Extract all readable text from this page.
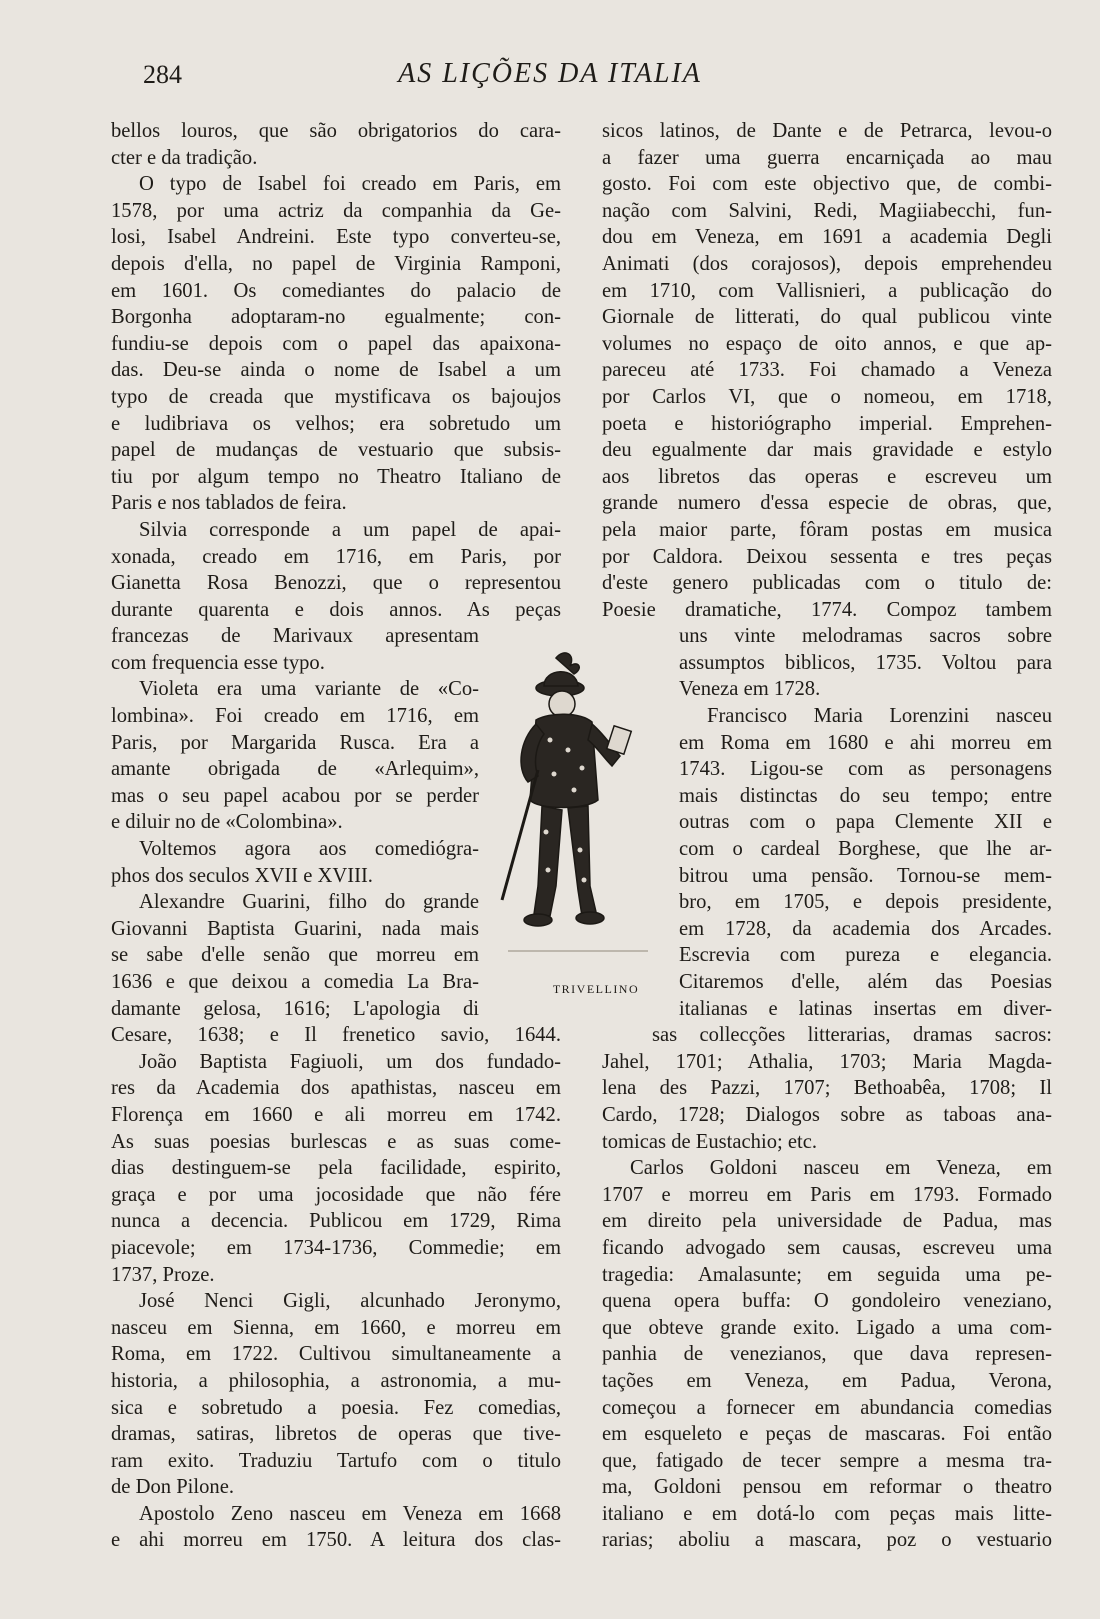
284	AS LIÇÕES DA ITALIA
bellos louros, que são obrigatorios do cara-
cter e da tradição.
O typo de Isabel foi creado em Paris, em
1578, por uma actriz da companhia da Ge-
losi, Isabel Andreini. Este typo converteu-se,
depois d'ella, no papel de Virginia Ramponi,
em 1601. Os comediantes do palacio de
Borgonha adoptaram-no egualmente; con-
fundiu-se depois com o papel das apaixona-
das. Deu-se ainda o nome de Isabel a um
typo de creada que mystificava os bajoujos
e ludibriava os velhos; era sobretudo um
papel de mudanças de vestuario que subsis-
tiu por algum tempo no Theatro Italiano de
Paris e nos tablados de feira.
Silvia corresponde a um papel de apai-
xonada, creado em 1716, em Paris, por
Gianetta Rosa Benozzi, que o representou
durante quarenta e dois annos. As peças
francezas de Marivaux apresentam
com frequencia esse typo.
Violeta era uma variante de «Co-
lombina». Foi creado em 1716, em
Paris, por Margarida Rusca. Era a
amante obrigada de «Arlequim»,
mas o seu papel acabou por se perder
e diluir no de «Colombina».
Voltemos agora aos comediógra-
phos dos seculos XVII e XVIII.
Alexandre Guarini, filho do grande
Giovanni Baptista Guarini, nada mais
se sabe d'elle senão que morreu em
1636 e que deixou a comedia La Bra-
damante gelosa, 1616; L'apologia di
Cesare, 1638; e Il frenetico savio, 1644.
João Baptista Fagiuoli, um dos fundado-
res da Academia dos apathistas, nasceu em
Florença em 1660 e ali morreu em 1742.
As suas poesias burlescas e as suas come-
dias destinguem-se pela facilidade, espirito,
graça e por uma jocosidade que não fére
nunca a decencia. Publicou em 1729, Rima
piacevole; em 1734-1736, Commedie; em
1737, Proze.
José Nenci Gigli, alcunhado Jeronymo,
nasceu em Sienna, em 1660, e morreu em
Roma, em 1722. Cultivou simultaneamente a
historia, a philosophia, a astronomia, a mu-
sica e sobretudo a poesia. Fez comedias,
dramas, satiras, libretos de operas que tive-
ram exito. Traduziu Tartufo com o titulo
de Don Pilone.
Apostolo Zeno nasceu em Veneza em 1668
e ahi morreu em 1750. A leitura dos clas-
sicos latinos, de Dante e de Petrarca, levou-o
a fazer uma guerra encarniçada ao mau
gosto. Foi com este objectivo que, de combi-
nação com Salvini, Redi, Magiiabecchi, fun-
dou em Veneza, em 1691 a academia Degli
Animati (dos corajosos), depois emprehendeu
em 1710, com Vallisnieri, a publicação do
Giornale de litterati, do qual publicou vinte
volumes no espaço de oito annos, e que ap-
pareceu até 1733. Foi chamado a Veneza
por Carlos VI, que o nomeou, em 1718,
poeta e historiógrapho imperial. Emprehen-
deu egualmente dar mais gravidade e estylo
aos libretos das operas e escreveu um
grande numero d'essa especie de obras, que,
pela maior parte, fôram postas em musica
por Caldora. Deixou sessenta e tres peças
d'este genero publicadas com o titulo de:
Poesie dramatiche, 1774. Compoz tambem
uns vinte melodramas sacros sobre
assumptos biblicos, 1735. Voltou para
Veneza em 1728.
Francisco Maria Lorenzini nasceu
em Roma em 1680 e ahi morreu em
1743. Ligou-se com as personagens
mais distinctas do seu tempo; entre
outras com o papa Clemente XII e
com o cardeal Borghese, que lhe ar-
bitrou uma pensão. Tornou-se mem-
bro, em 1705, e depois presidente,
em 1728, da academia dos Arcades.
Escrevia com pureza e elegancia.
Citaremos d'elle, além das Poesias
italianas e latinas insertas em diver-
sas collecções litterarias, dramas sacros:
Jahel, 1701; Athalia, 1703; Maria Magda-
lena des Pazzi, 1707; Bethoabêa, 1708; Il
Cardo, 1728; Dialogos sobre as taboas ana-
tomicas de Eustachio; etc.
Carlos Goldoni nasceu em Veneza, em
1707 e morreu em Paris em 1793. Formado
em direito pela universidade de Padua, mas
ficando advogado sem causas, escreveu uma
tragedia: Amalasunte; em seguida uma pe-
quena opera buffa: O gondoleiro veneziano,
que obteve grande exito. Ligado a uma com-
panhia de venezianos, que dava represen-
tações em Veneza, em Padua, Verona,
começou a fornecer em abundancia comedias
em esqueleto e peças de mascaras. Foi então
que, fatigado de tecer sempre a mesma tra-
ma, Goldoni pensou em reformar o theatro
italiano e em dotá-lo com peças mais litte-
rarias; aboliu a mascara, poz o vestuario
TRIVELLINO
